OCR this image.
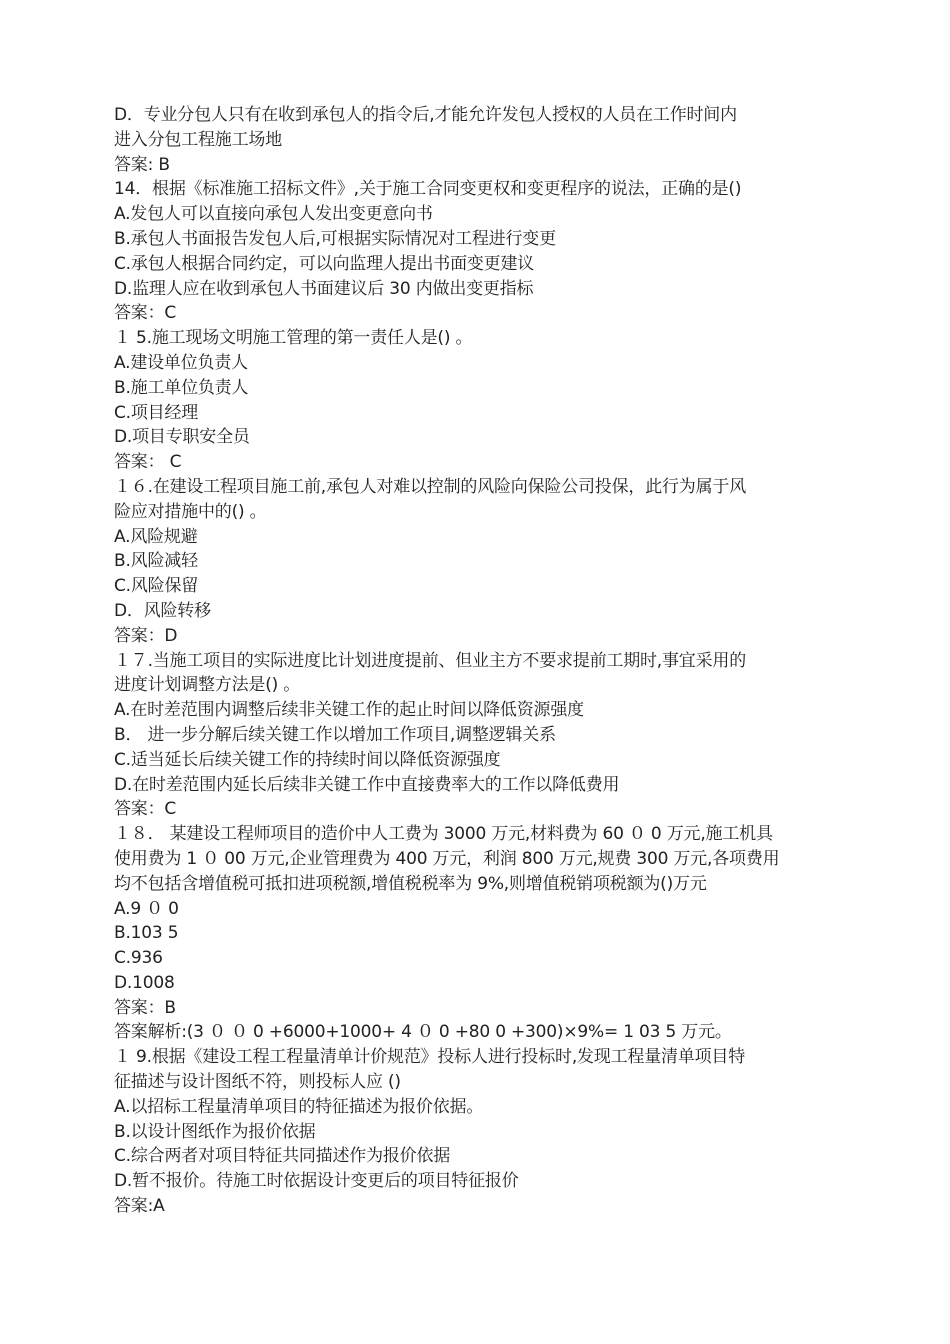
D．专业分包人只有在收到承包人的指令后,才能允许发包人授权的人员在工作时间内
进入分包工程施工场地
答案: B
14．根据《标准施工招标文件》,关于施工合同变更权和变更程序的说法，正确的是()
A.发包人可以直接向承包人发出变更意向书
B.承包人书面报告发包人后,可根据实际情况对工程进行变更
C.承包人根据合同约定，可以向监理人提出书面变更建议
D.监理人应在收到承包人书面建议后 30 内做出变更指标
答案：C
１ 5.施工现场文明施工管理的第一责任人是() 。
A.建设单位负责人
B.施工单位负责人
C.项目经理
D.项目专职安全员
答案： C
１６.在建设工程项目施工前,承包人对难以控制的风险向保险公司投保，此行为属于风
险应对措施中的() 。
A.风险规避
B.风险减轻
C.风险保留
D．风险转移
答案：D
１７.当施工项目的实际进度比计划进度提前、但业主方不要求提前工期时,事宜采用的
进度计划调整方法是() 。
A.在时差范围内调整后续非关键工作的起止时间以降低资源强度
B． 进一步分解后续关键工作以增加工作项目,调整逻辑关系
C.适当延长后续关键工作的持续时间以降低资源强度
D.在时差范围内延长后续非关键工作中直接费率大的工作以降低费用
答案：C
１８． 某建设工程师项目的造价中人工费为 3000 万元,材料费为 60 ０ 0 万元,施工机具
使用费为 1 ０ 00 万元,企业管理费为 400 万元，利润 800 万元,规费 300 万元,各项费用
均不包括含增值税可抵扣进项税额,增值税税率为 9%,则增值税销项税额为()万元
A.9 ０ 0
B.103 5
C.936
D.1008
答案：B
答案解析:(3 ０ ０ 0 +6000+1000+ 4 ０ 0 +80 0 +300)×9%= 1 03 5 万元。
１ 9.根据《建设工程工程量清单计价规范》投标人进行投标时,发现工程量清单项目特
征描述与设计图纸不符，则投标人应 ()
A.以招标工程量清单项目的特征描述为报价依据。
B.以设计图纸作为报价依据
C.综合两者对项目特征共同描述作为报价依据
D.暂不报价。待施工时依据设计变更后的项目特征报价
答案:A
